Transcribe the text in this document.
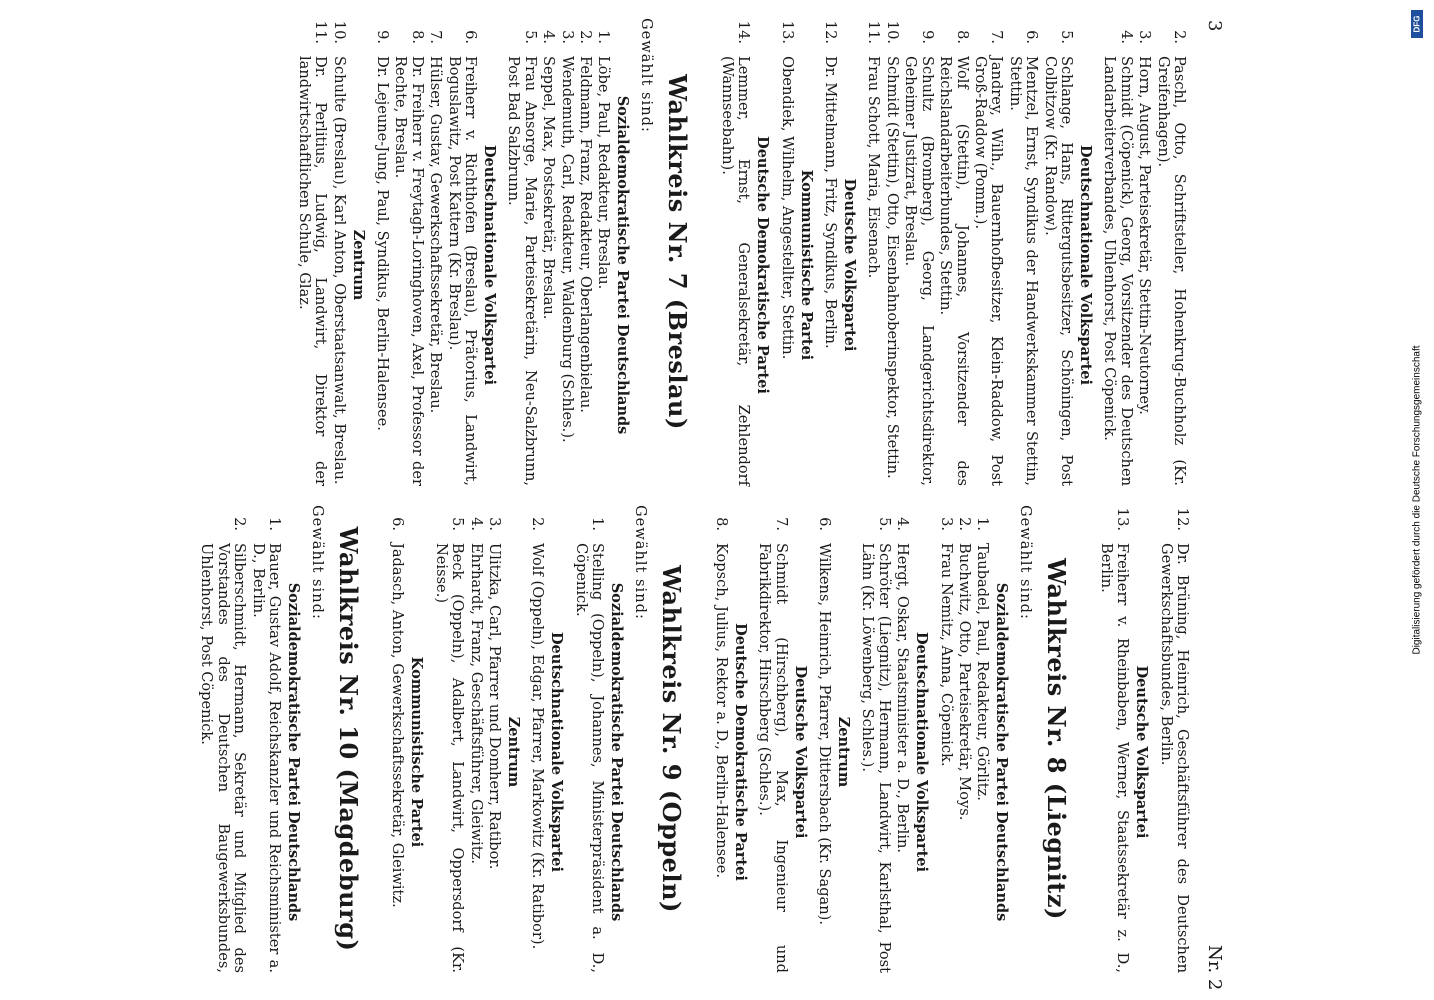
3
Nr. 2
2.
Paschl, Otto, Schriftsteller, Hohenkrug-Buchholz (Kr. Greifenhagen).
3.
Horn, August, Parteisekretär, Stettin-Neutorney.
4.
Schmidt (Cöpenick), Georg, Vorsitzender des Deutschen Landarbeiterverbandes, Uhlenhorst, Post Cöpenick.
Deutschnationale Volkspartei
5.
Schlange, Hans, Rittergutsbesitzer, Schöningen, Post Colbitzow (Kr. Randow).
6.
Mentzel, Ernst, Syndikus der Handwerkskammer Stettin, Stettin.
7.
Jandrey, Wilh., Bauernhofbesitzer, Klein-Raddow, Post Groß-Raddow (Pomm.).
8.
Wolf (Stettin), Johannes, Vorsitzender des Reichslandarbeiterbundes, Stettin.
9.
Schultz (Bromberg), Georg, Landgerichtsdirektor, Geheimer Justizrat, Breslau.
10.
Schmidt (Stettin), Otto, Eisenbahnoberinspektor, Stettin.
11.
Frau Schott, Maria, Eisenach.
Deutsche Volkspartei
12.
Dr. Mittelmann, Fritz, Syndikus, Berlin.
Kommunistische Partei
13.
Obendiek, Wilhelm, Angestellter, Stettin.
Deutsche Demokratische Partei
14.
Lemmer, Ernst, Generalsekretär, Zehlendorf (Wannseebahn).
Wahlkreis Nr. 7 (Breslau)
Gewählt sind:
Sozialdemokratische Partei Deutschlands
1.
Löbe, Paul, Redakteur, Breslau.
2.
Feldmann, Franz, Redakteur, Oberlangenbielau.
3.
Wendemuth, Carl, Redakteur, Waldenburg (Schles.).
4.
Seppel, Max, Postsekretär, Breslau.
5.
Frau Ansorge, Marie, Parteisekretärin, Neu-Salzbrunn, Post Bad Salzbrunn.
Deutschnationale Volkspartei
6.
Freiherr v. Richthofen (Breslau), Prätorius, Landwirt, Boguslawitz, Post Kattern (Kr. Breslau).
7.
Hülser, Gustav, Gewerkschaftssekretär, Breslau.
8.
Dr. Freiherr v. Freytagh-Loringhoven, Axel, Professor der Rechte, Breslau.
9.
Dr. Lejeune-Jung, Paul, Syndikus, Berlin-Halensee.
Zentrum
10.
Schulte (Breslau), Karl Anton, Oberstaatsanwalt, Breslau.
11.
Dr. Perlitius, Ludwig, Landwirt, Direktor der landwirtschaftlichen Schule, Glaz.
12.
Dr. Brüning, Heinrich, Geschäftsführer des Deutschen Gewerkschaftsbundes, Berlin.
Deutsche Volkspartei
13.
Freiherr v. Rheinbaben, Werner, Staatssekretär z. D., Berlin.
Wahlkreis Nr. 8 (Liegnitz)
Gewählt sind:
Sozialdemokratische Partei Deutschlands
1.
Taubadel, Paul, Redakteur, Görlitz.
2.
Buchwitz, Otto, Parteisekretär, Moys.
3.
Frau Nemitz, Anna, Cöpenick.
Deutschnationale Volkspartei
4.
Hergt, Oskar, Staatsminister a. D., Berlin.
5.
Schröter (Liegnitz), Hermann, Landwirt, Karlsthal, Post Lähn (Kr. Löwenberg, Schles.).
Zentrum
6.
Wilkens, Heinrich, Pfarrer, Dittersbach (Kr. Sagan).
Deutsche Volkspartei
7.
Schmidt (Hirschberg), Max, Ingenieur und Fabrikdirektor, Hirschberg (Schles.).
Deutsche Demokratische Partei
8.
Kopsch, Julius, Rektor a. D., Berlin-Halensee.
Wahlkreis Nr. 9 (Oppeln)
Gewählt sind:
Sozialdemokratische Partei Deutschlands
1.
Stelling (Oppeln), Johannes, Ministerpräsident a. D., Cöpenick.
Deutschnationale Volkspartei
2.
Wolf (Oppeln), Edgar, Pfarrer, Markowitz (Kr. Ratibor).
Zentrum
3.
Ulitzka, Carl, Pfarrer und Domherr, Ratibor.
4.
Ehrhardt, Franz, Geschäftsführer, Gleiwitz.
5.
Beck (Oppeln), Adalbert, Landwirt, Oppersdorf (Kr. Neisse.)
Kommunistische Partei
6.
Jadasch, Anton, Gewerkschaftssekretär, Gleiwitz.
Wahlkreis Nr. 10 (Magdeburg)
Gewählt sind:
Sozialdemokratische Partei Deutschlands
1.
Bauer, Gustav Adolf, Reichskanzler und Reichsminister a. D., Berlin.
2.
Silberschmidt, Hermann, Sekretär und Mitglied des Vorstandes des Deutschen Baugewerksbundes, Uhlenhorst, Post Cöpenick.
DFG
Digitalisierung gefördert durch die Deutsche Forschungsgemeinschaft
